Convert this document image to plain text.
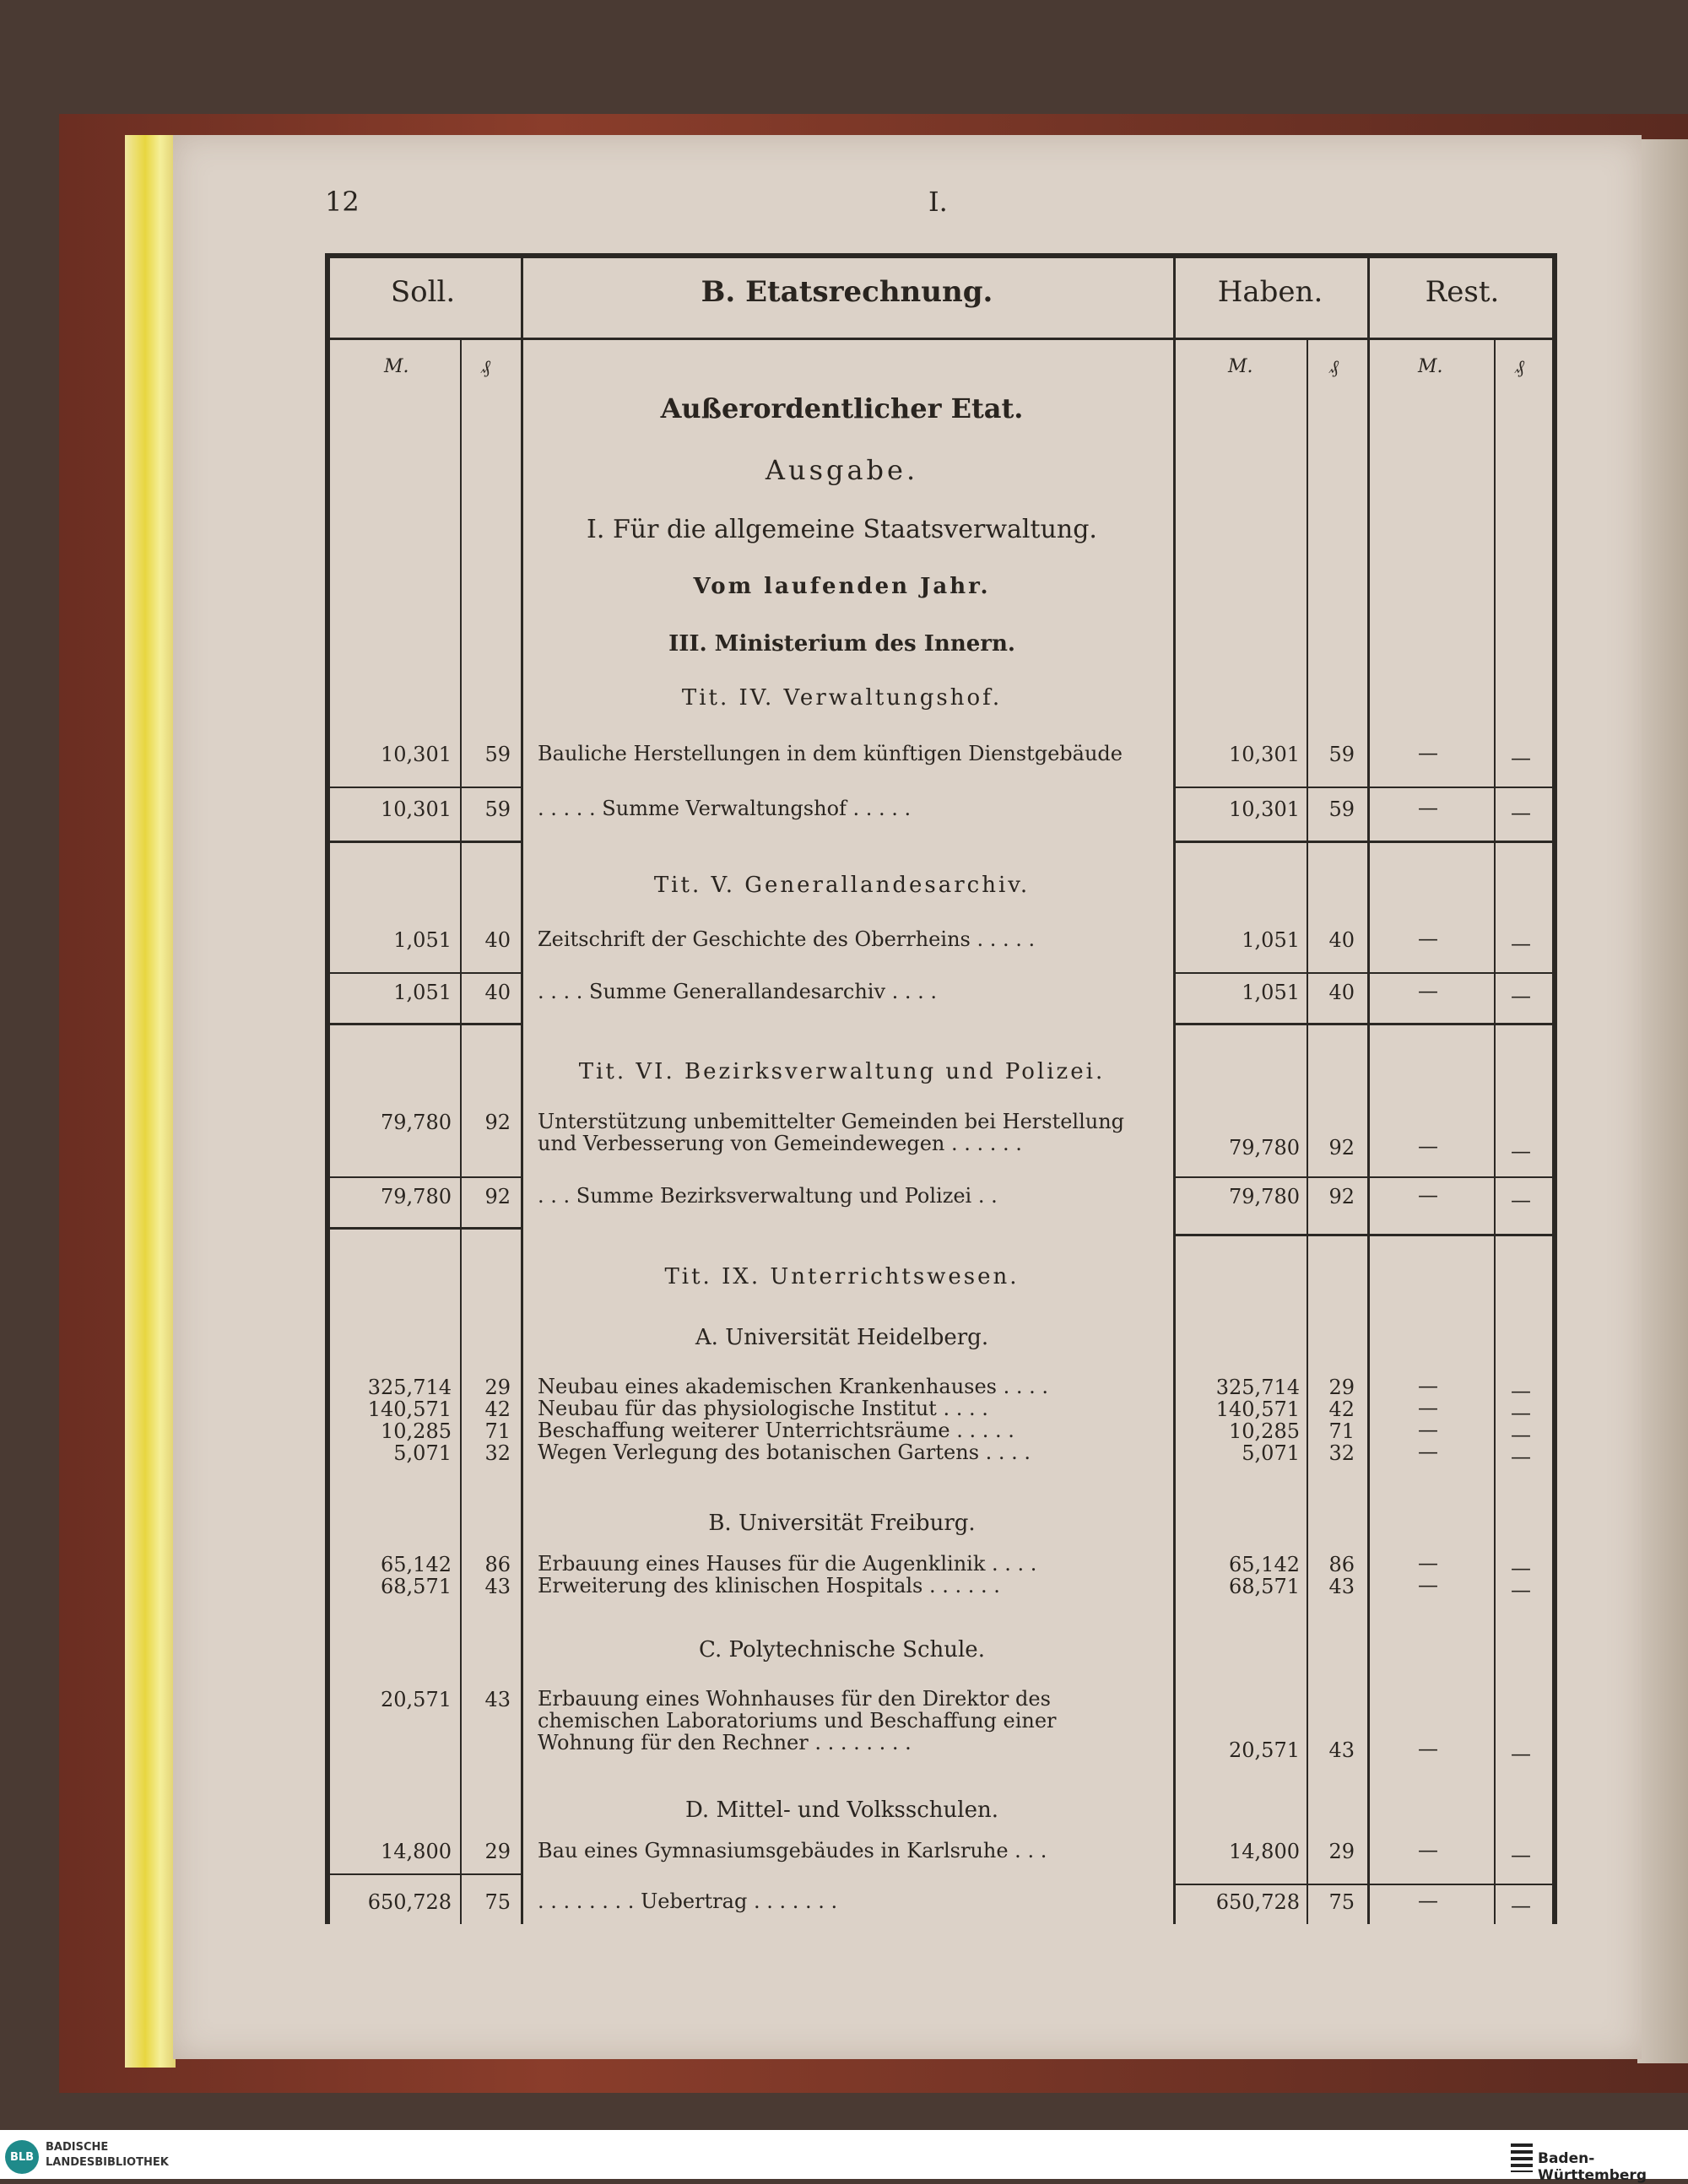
12	I.
Soll.	B. Etatsrechnung.	Haben.	Rest.
M.	₰	M.	₰	M.	₰
Außerordentlicher Etat.
Ausgabe.
I. Für die allgemeine Staatsverwaltung.
Vom laufenden Jahr.
III. Ministerium des Innern.
Tit. IV. Verwaltungshof.
Tit. V. Generallandesarchiv.
Tit. VI. Bezirksverwaltung und Polizei.
Tit. IX. Unterrichtswesen.
A. Universität Heidelberg.
B. Universität Freiburg.
C. Polytechnische Schule.
D. Mittel- und Volksschulen.
10,301	59 Bauliche Herstellungen in dem künftigen Dienstgebäude	10,301	59	—	—
10,301	59 . . . . . Summe Verwaltungshof . . . . .	10,301	59	—	—
1,051	40 Zeitschrift der Geschichte des Oberrheins . . . . .	1,051	40	—	—
1,051	40 . . . . Summe Generallandesarchiv . . . .	1,051	40	—	—
79,780	92 Unterstützung unbemittelter Gemeinden bei Herstellung
und Verbesserung von Gemeindewegen . . . . . .	79,780	92	—	—
79,780	92 . . . Summe Bezirksverwaltung und Polizei . .	79,780	92	—	—
325,714	29 Neubau eines akademischen Krankenhauses . . . .	325,714	29	—	—
140,571	42 Neubau für das physiologische Institut . . . .	140,571	42	—	—
10,285	71 Beschaffung weiterer Unterrichtsräume . . . . .	10,285	71	—	—
5,071	32 Wegen Verlegung des botanischen Gartens . . . .	5,071	32	—	—
65,142	86 Erbauung eines Hauses für die Augenklinik . . . .	65,142	86	—	—
68,571	43 Erweiterung des klinischen Hospitals . . . . . .	68,571	43	—	—
20,571	43 Erbauung eines Wohnhauses für den Direktor des
chemischen Laboratoriums und Beschaffung einer
Wohnung für den Rechner . . . . . . . .	20,571	43	—	—
14,800	29 Bau eines Gymnasiumsgebäudes in Karlsruhe . . .	14,800	29	—	—
650,728	75 . . . . . . . . Uebertrag . . . . . . .	650,728	75	—	—
BLB
BADISCHE
LANDESBIBLIOTHEK	Baden-Württemberg
